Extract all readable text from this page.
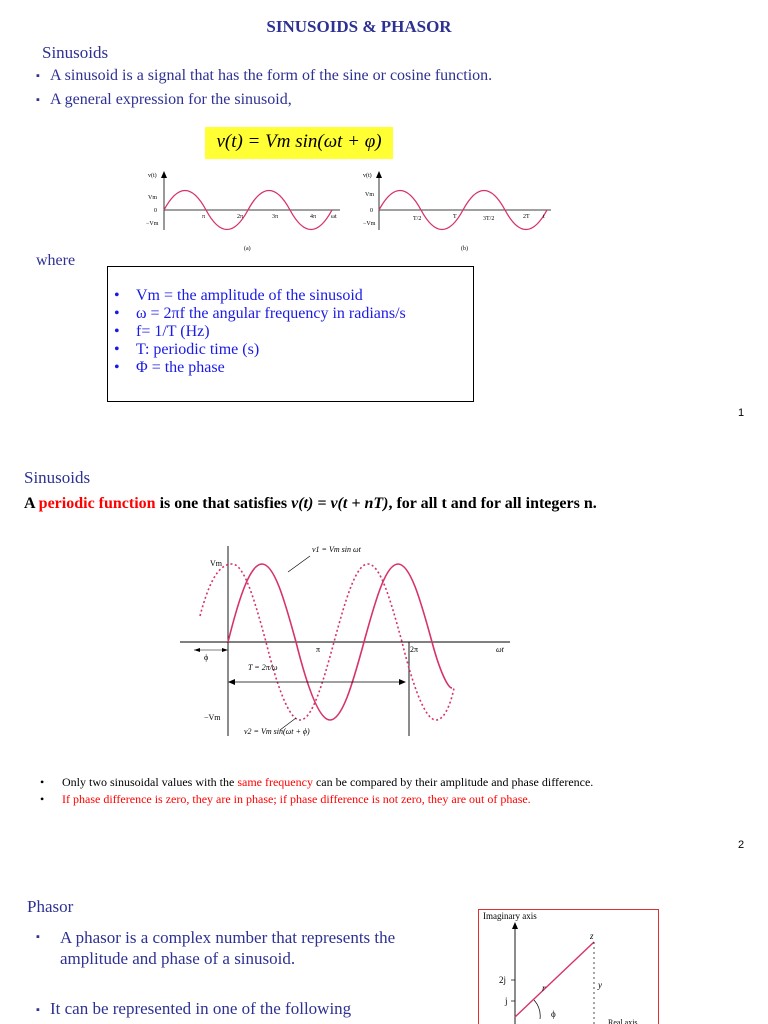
SINUSOIDS & PHASOR
Sinusoids
▪ A sinusoid is a signal that has the form of the sine or cosine function.
▪ A general expression for the sinusoid,
v(t) = Vm sin(ωt + φ)
v(t)
Vm
0
−Vm
π	2π	3π	4π ωt
(a)
v(t)
Vm
0
−Vm
T/2	T	3T/2	2T t
(b)
where
• Vm = the amplitude of the sinusoid
• ω = 2πf the angular frequency in radians/s
• f= 1/T (Hz)
• T: periodic time (s)
• Φ = the phase
1
Sinusoids
A periodic function is one that satisfies v(t) = v(t + nT), for all t and for all integers n.
v1 = Vm sin ωt
v2 = Vm sin(ωt + ϕ)
Vm
−Vm
ϕ
π	2π
T = 2π/ω
ωt
• Only two sinusoidal values with the same frequency can be compared by their amplitude and phase difference.
• If phase difference is zero, they are in phase; if phase difference is not zero, they are out of phase.
2
Phasor
▪	A phasor is a complex number that represents the amplitude and phase of a sinusoid.
▪ It can be represented in one of the following
Imaginary axis
z
r	y
2j
j
ϕ
Real axis
